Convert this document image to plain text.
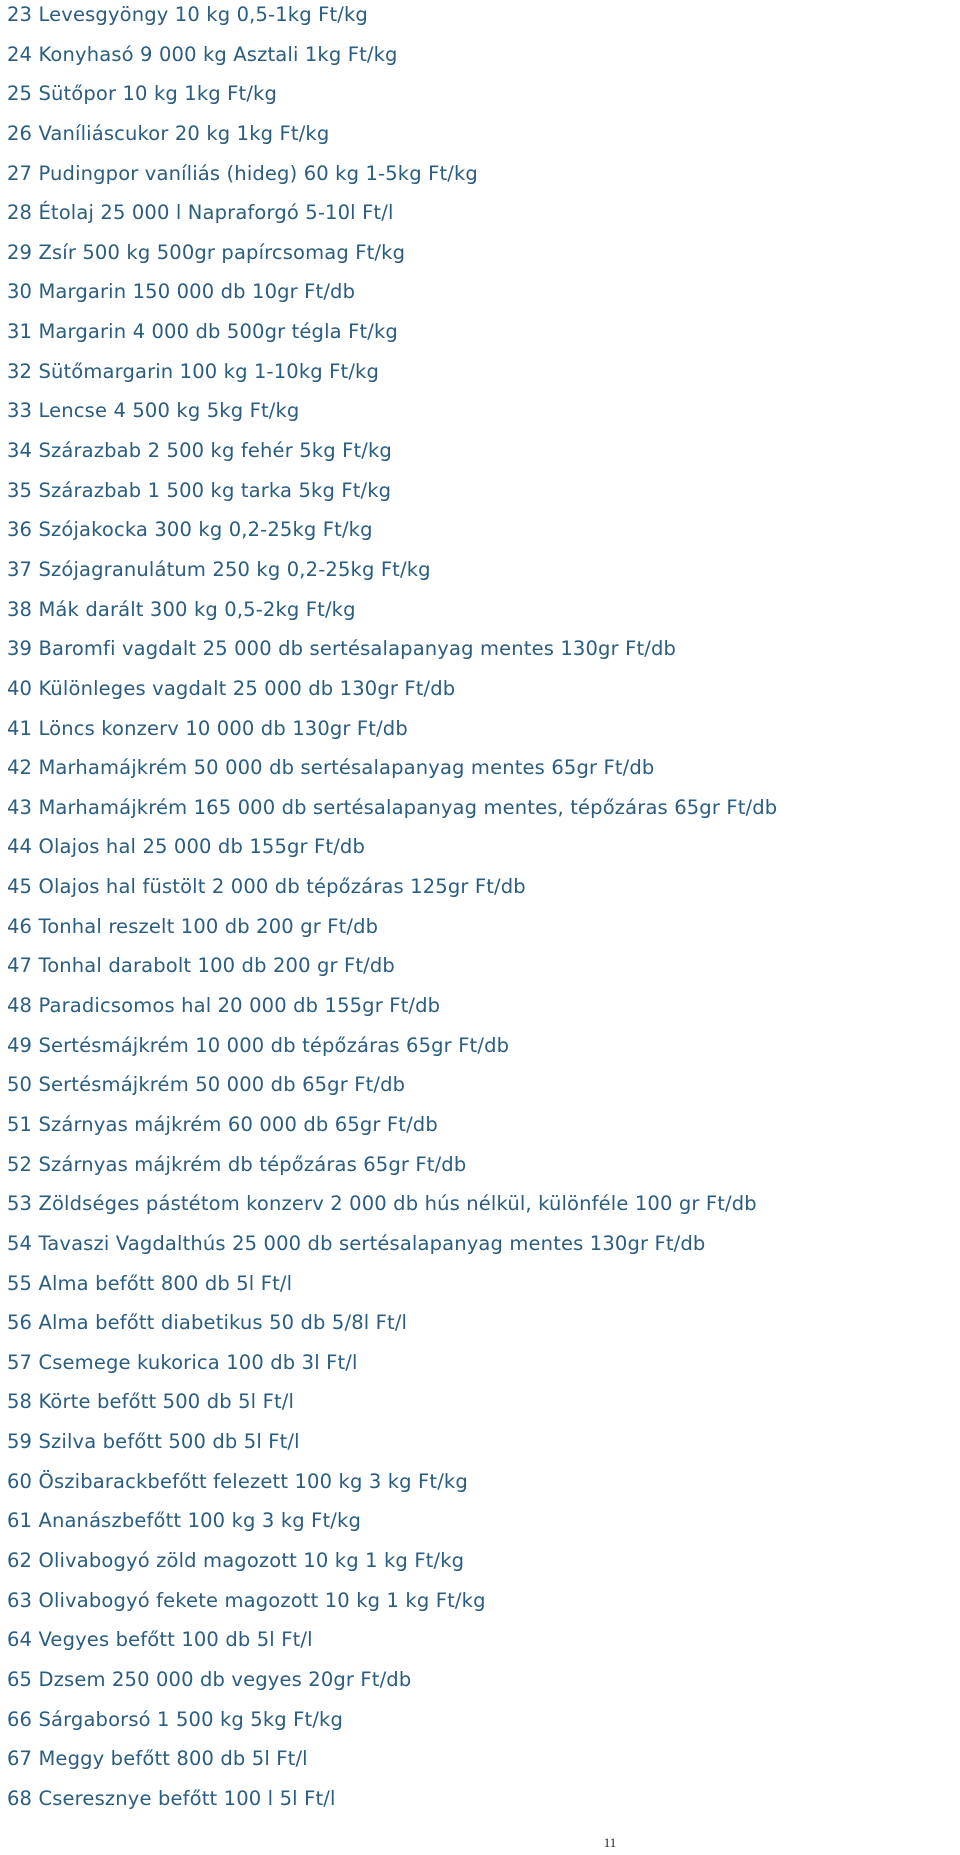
23 Levesgyöngy 10 kg 0,5-1kg Ft/kg
24 Konyhasó 9 000 kg Asztali 1kg Ft/kg
25 Sütőpor 10 kg 1kg Ft/kg
26 Vaníliáscukor 20 kg 1kg Ft/kg
27 Pudingpor vaníliás (hideg) 60 kg 1-5kg Ft/kg
28 Étolaj 25 000 l Napraforgó 5-10l Ft/l
29 Zsír 500 kg 500gr papírcsomag Ft/kg
30 Margarin 150 000 db 10gr Ft/db
31 Margarin 4 000 db 500gr tégla Ft/kg
32 Sütőmargarin 100 kg 1-10kg Ft/kg
33 Lencse 4 500 kg 5kg Ft/kg
34 Szárazbab 2 500 kg fehér 5kg Ft/kg
35 Szárazbab 1 500 kg tarka 5kg Ft/kg
36 Szójakocka 300 kg 0,2-25kg Ft/kg
37 Szójagranulátum 250 kg 0,2-25kg Ft/kg
38 Mák darált 300 kg 0,5-2kg Ft/kg
39 Baromfi vagdalt 25 000 db sertésalapanyag mentes 130gr Ft/db
40 Különleges vagdalt 25 000 db 130gr Ft/db
41 Löncs konzerv 10 000 db 130gr Ft/db
42 Marhamájkrém 50 000 db sertésalapanyag mentes 65gr Ft/db
43 Marhamájkrém 165 000 db sertésalapanyag mentes, tépőzáras 65gr Ft/db
44 Olajos hal 25 000 db 155gr Ft/db
45 Olajos hal füstölt 2 000 db tépőzáras 125gr Ft/db
46 Tonhal reszelt 100 db 200 gr Ft/db
47 Tonhal darabolt 100 db 200 gr Ft/db
48 Paradicsomos hal 20 000 db 155gr Ft/db
49 Sertésmájkrém 10 000 db tépőzáras 65gr Ft/db
50 Sertésmájkrém 50 000 db 65gr Ft/db
51 Szárnyas májkrém 60 000 db 65gr Ft/db
52 Szárnyas májkrém db tépőzáras 65gr Ft/db
53 Zöldséges pástétom konzerv 2 000 db hús nélkül, különféle 100 gr Ft/db
54 Tavaszi Vagdalthús 25 000 db sertésalapanyag mentes 130gr Ft/db
55 Alma befőtt 800 db 5l Ft/l
56 Alma befőtt diabetikus 50 db 5/8l Ft/l
57 Csemege kukorica 100 db 3l Ft/l
58 Körte befőtt 500 db 5l Ft/l
59 Szilva befőtt 500 db 5l Ft/l
60 Öszibarackbefőtt felezett 100 kg 3 kg Ft/kg
61 Ananászbefőtt 100 kg 3 kg Ft/kg
62 Olivabogyó zöld magozott 10 kg 1 kg Ft/kg
63 Olivabogyó fekete magozott 10 kg 1 kg Ft/kg
64 Vegyes befőtt 100 db 5l Ft/l
65 Dzsem 250 000 db vegyes 20gr Ft/db
66 Sárgaborsó 1 500 kg 5kg Ft/kg
67 Meggy befőtt 800 db 5l Ft/l
68 Cseresznye befőtt 100 l 5l Ft/l
11
